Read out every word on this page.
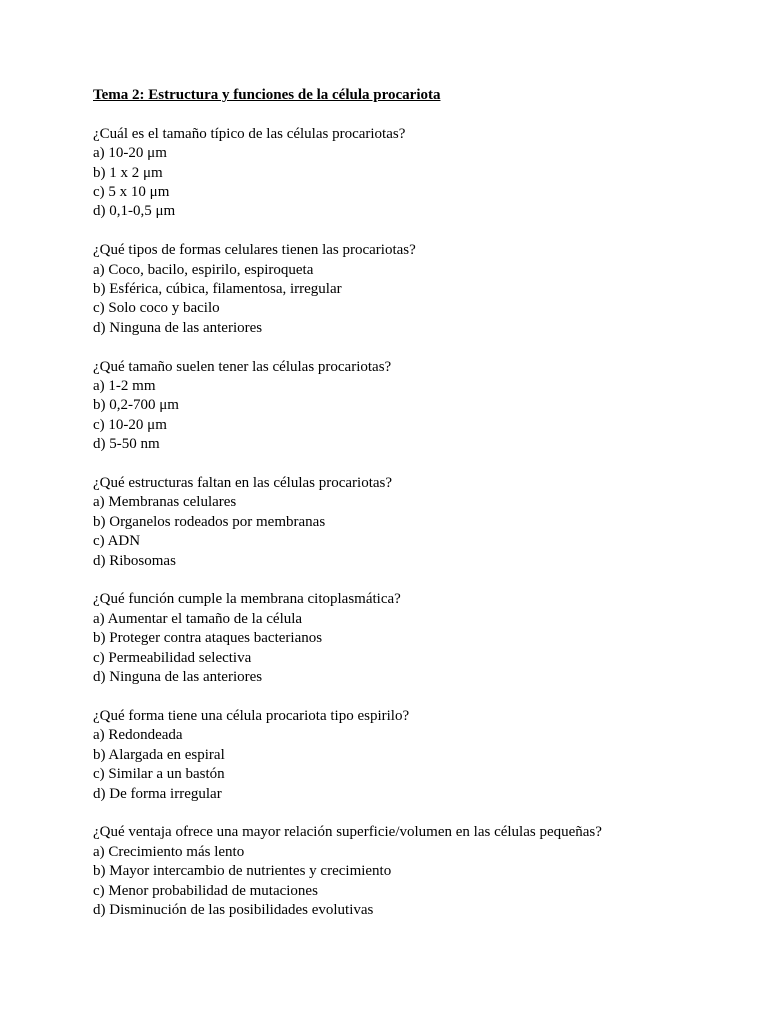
Tema 2: Estructura y funciones de la célula procariota

¿Cuál es el tamaño típico de las células procariotas?

a) 10-20 μm

b) 1 x 2 μm

c) 5 x 10 μm

d) 0,1-0,5 μm

¿Qué tipos de formas celulares tienen las procariotas?

a) Coco, bacilo, espirilo, espiroqueta

b) Esférica, cúbica, filamentosa, irregular

c) Solo coco y bacilo

d) Ninguna de las anteriores

¿Qué tamaño suelen tener las células procariotas?

a) 1-2 mm

b) 0,2-700 μm

c) 10-20 μm

d) 5-50 nm

¿Qué estructuras faltan en las células procariotas?

a) Membranas celulares

b) Organelos rodeados por membranas

c) ADN

d) Ribosomas

¿Qué función cumple la membrana citoplasmática?

a) Aumentar el tamaño de la célula

b) Proteger contra ataques bacterianos

c) Permeabilidad selectiva

d) Ninguna de las anteriores

¿Qué forma tiene una célula procariota tipo espirilo?

a) Redondeada

b) Alargada en espiral

c) Similar a un bastón

d) De forma irregular

¿Qué ventaja ofrece una mayor relación superficie/volumen en las células pequeñas?

a) Crecimiento más lento

b) Mayor intercambio de nutrientes y crecimiento

c) Menor probabilidad de mutaciones

d) Disminución de las posibilidades evolutivas
